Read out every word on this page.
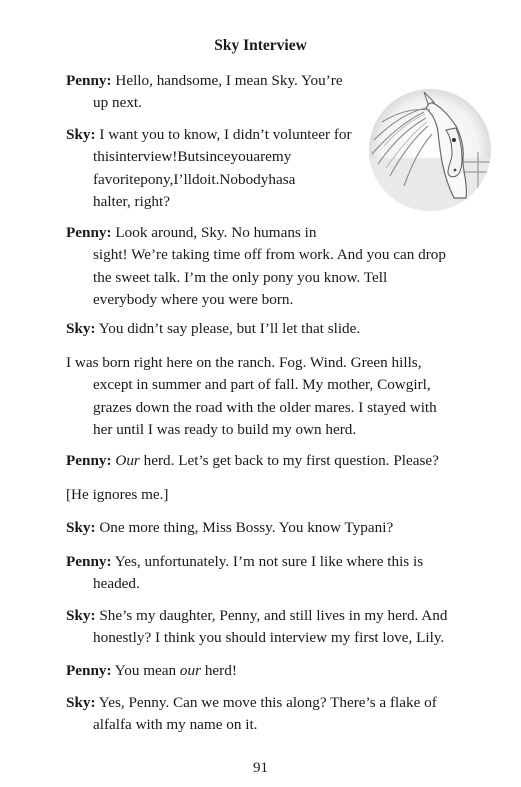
Sky Interview
Penny: Hello, handsome, I mean Sky. You’re
up next.
Sky: I want you to know, I didn’t volunteer for
thisinterview!Butsinceyouaremy
favoritepony,I’lldoit.Nobodyhasa
halter, right?
Penny: Look around, Sky. No humans in
sight! We’re taking time off from work. And you can drop
the sweet talk. I’m the only pony you know. Tell
everybody where you were born.
Sky: You didn’t say please, but I’ll let that slide.
I was born right here on the ranch. Fog. Wind. Green hills,
except in summer and part of fall. My mother, Cowgirl,
grazes down the road with the older mares. I stayed with
her until I was ready to build my own herd.
Penny: Our herd. Let’s get back to my first question. Please?
[He ignores me.]
Sky: One more thing, Miss Bossy. You know Typani?
Penny: Yes, unfortunately. I’m not sure I like where this is
headed.
Sky: She’s my daughter, Penny, and still lives in my herd. And
honestly? I think you should interview my first love, Lily.
Penny: You mean our herd!
Sky: Yes, Penny. Can we move this along? There’s a flake of
alfalfa with my name on it.
91
